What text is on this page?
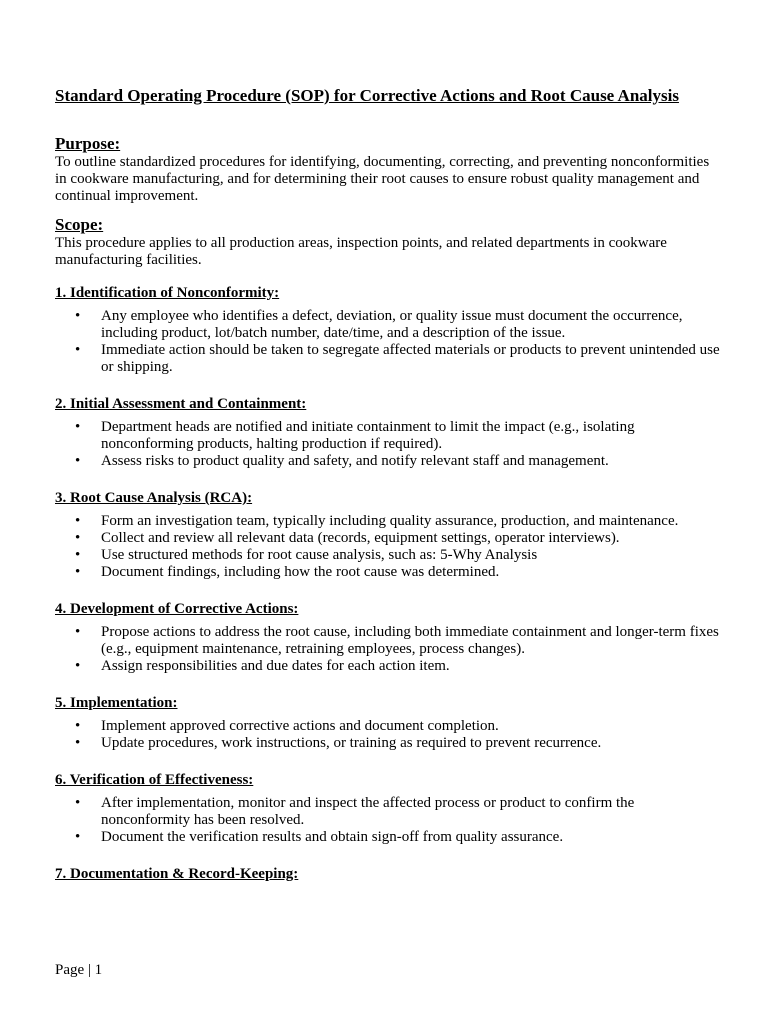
Standard Operating Procedure (SOP) for Corrective Actions and Root Cause Analysis
Purpose:

To outline standardized procedures for identifying, documenting, correcting, and preventing nonconformities in cookware manufacturing, and for determining their root causes to ensure robust quality management and continual improvement.

Scope:

This procedure applies to all production areas, inspection points, and related departments in cookware manufacturing facilities.

1. Identification of Nonconformity:
• Any employee who identifies a defect, deviation, or quality issue must document the occurrence, including product, lot/batch number, date/time, and a description of the issue.
• Immediate action should be taken to segregate affected materials or products to prevent unintended use or shipping.
2. Initial Assessment and Containment:
• Department heads are notified and initiate containment to limit the impact (e.g., isolating nonconforming products, halting production if required).
• Assess risks to product quality and safety, and notify relevant staff and management.
3. Root Cause Analysis (RCA):
• Form an investigation team, typically including quality assurance, production, and maintenance.
• Collect and review all relevant data (records, equipment settings, operator interviews).
• Use structured methods for root cause analysis, such as: 5-Why Analysis
• Document findings, including how the root cause was determined.
4. Development of Corrective Actions:
• Propose actions to address the root cause, including both immediate containment and longer-term fixes (e.g., equipment maintenance, retraining employees, process changes).
• Assign responsibilities and due dates for each action item.
5. Implementation:
• Implement approved corrective actions and document completion.
• Update procedures, work instructions, or training as required to prevent recurrence.
6. Verification of Effectiveness:
• After implementation, monitor and inspect the affected process or product to confirm the nonconformity has been resolved.
• Document the verification results and obtain sign-off from quality assurance.
7. Documentation & Record-Keeping:
Page | 1
